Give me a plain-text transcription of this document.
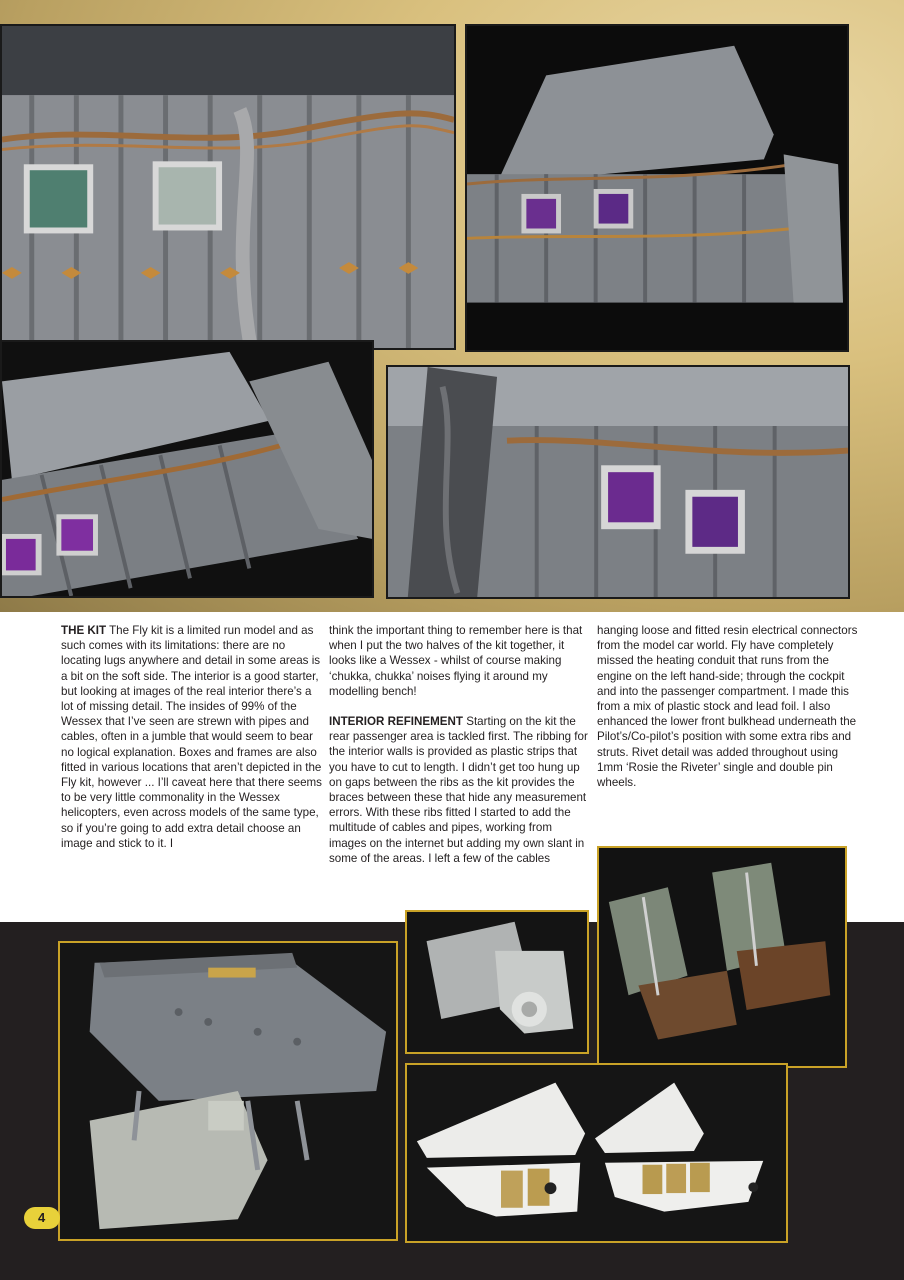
THE KIT The Fly kit is a limited run model and as such comes with its limitations: there are no locating lugs anywhere and detail in some areas is a bit on the soft side. The interior is a good starter, but looking at images of the real interior there’s a lot of missing detail. The insides of 99% of the Wessex that I’ve seen are strewn with pipes and cables, often in a jumble that would seem to bear no logical explanation. Boxes and frames are also fitted in various locations that aren’t depicted in the Fly kit, however ... I’ll caveat here that there seems to be very little commonality in the Wessex helicopters, even across models of the same type, so if you’re going to add extra detail choose an image and stick to it. I

think the important thing to remember here is that when I put the two halves of the kit together, it looks like a Wessex - whilst of course making ‘chukka, chukka’ noises flying it around my modelling bench!

INTERIOR REFINEMENT Starting on the kit the rear passenger area is tackled first. The ribbing for the interior walls is provided as plastic strips that you have to cut to length. I didn’t get too hung up on gaps between the ribs as the kit provides the braces between these that hide any measurement errors. With these ribs fitted I started to add the multitude of cables and pipes, working from images on the internet but adding my own slant in some of the areas. I left a few of the cables

hanging loose and fitted resin electrical connectors from the model car world. Fly have completely missed the heating conduit that runs from the engine on the left hand-side; through the cockpit and into the passenger compartment. I made this from a mix of plastic stock and lead foil. I also enhanced the lower front bulkhead underneath the Pilot’s/Co-pilot’s position with some extra ribs and struts. Rivet detail was added throughout using 1mm ‘Rosie the Riveter’ single and double pin wheels.

4
